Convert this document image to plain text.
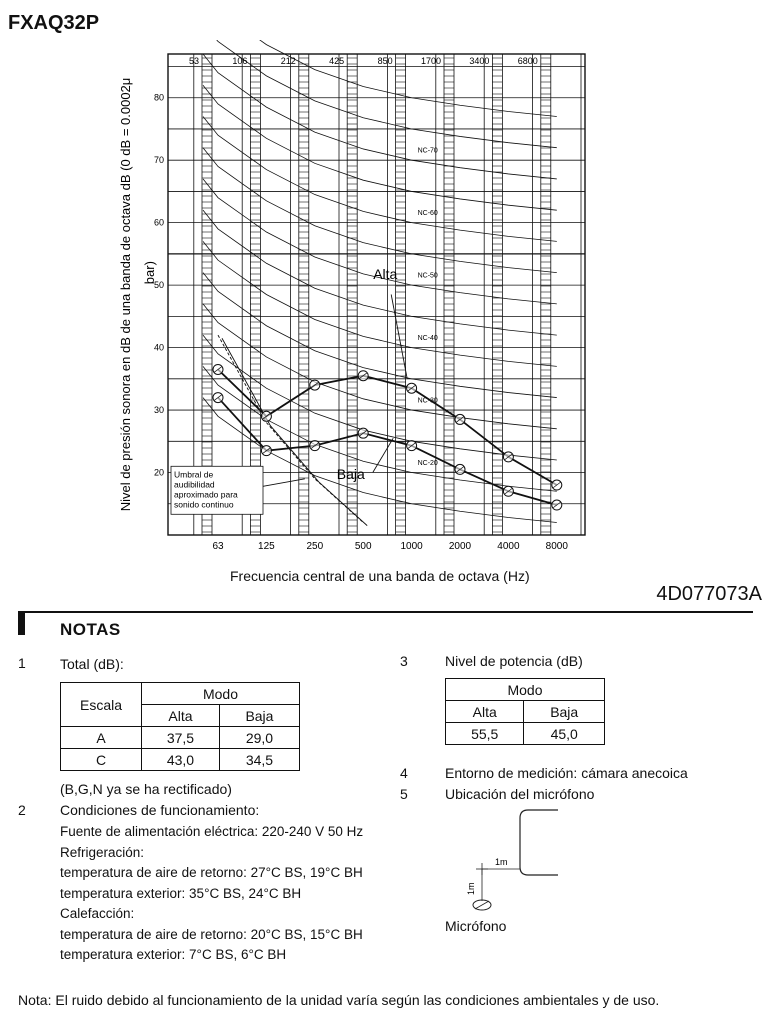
FXAQ32P
53	106	212	425	850	1700	3400	6800
NC-70
NC-60
NC-50
NC-40
NC-30
NC-20
Umbral de
audibilidad
aproximado para
sonido continuo
Alta
Baja
20
30
40
50
60
70
80
63	125	250	500	1000	2000	4000	8000
Nivel de presión sonora en dB de una banda de octava dB (0 dB = 0.0002μ bar)
Frecuencia central de una banda de octava (Hz)
4D077073A
NOTAS
1 Total (dB):
Escala	Modo	
	Alta	Baja
A	37,5	29,0
C	43,0	34,5
(B,G,N ya se ha rectificado)
2 Condiciones de funcionamiento:
Fuente de alimentación eléctrica: 220-240 V 50 Hz
Refrigeración:
temperatura de aire de retorno: 27°C BS, 19°C BH
temperatura exterior: 35°C BS, 24°C BH
Calefacción:
temperatura de aire de retorno: 20°C BS, 15°C BH
temperatura exterior: 7°C BS, 6°C BH
3	Nivel de potencia (dB)
Modo	
Alta	Baja
55,5	45,0
4	Entorno de medición: cámara anecoica
5	Ubicación del micrófono
1m
1m
Micrófono
Nota: El ruido debido al funcionamiento de la unidad varía según las condiciones ambientales y de uso.
